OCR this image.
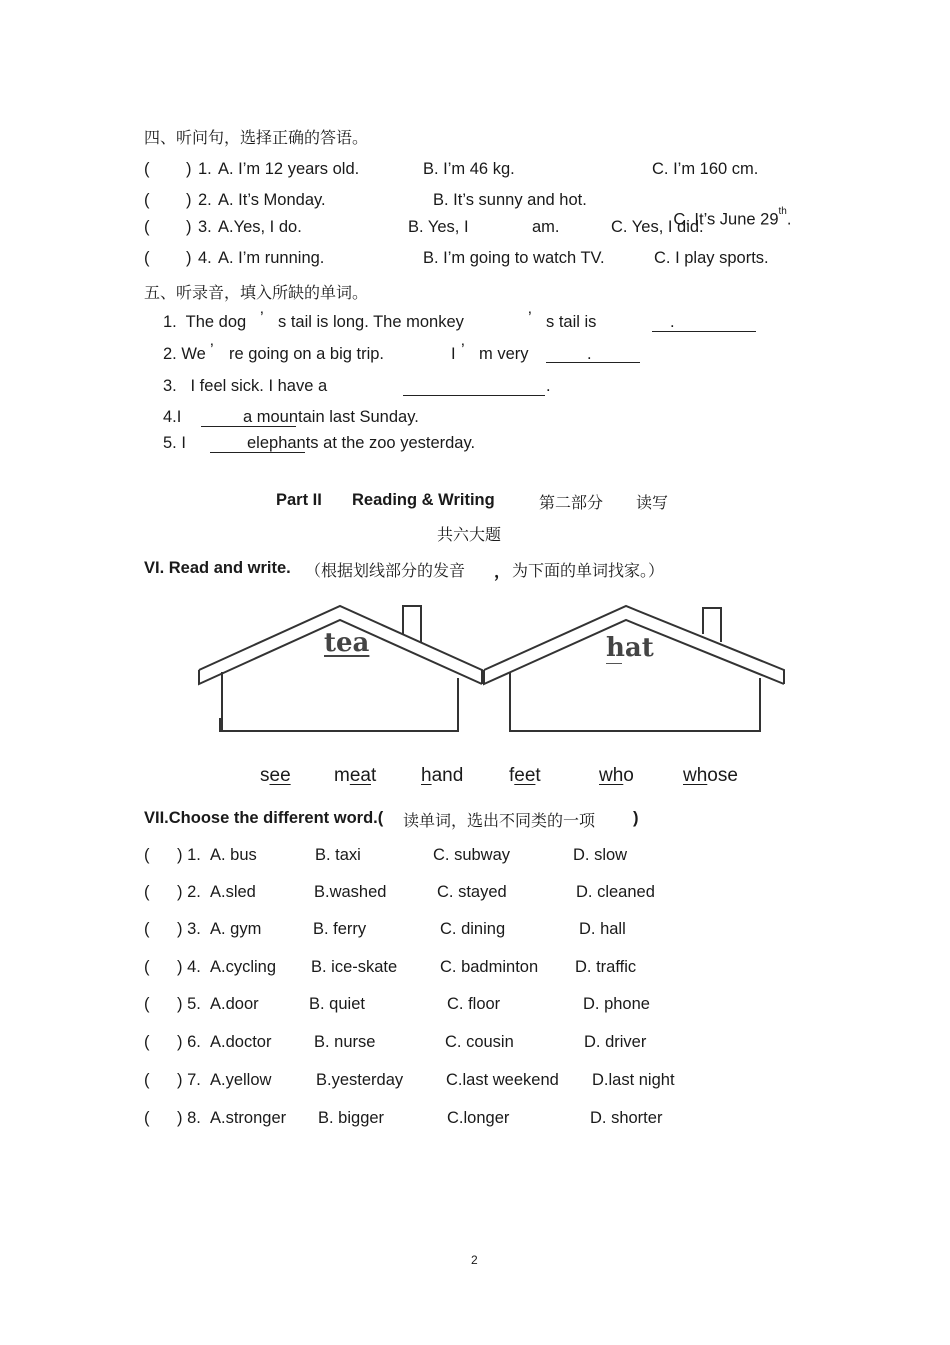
四、听问句，选择正确的答语。
( ) 1. A. I’m 12 years old.	B. I’m 46 kg.	C. I’m 160 cm.
( ) 2. A. It’s Monday.	B. It’s sunny and hot.

C. It’s June 29th.

( ) 3. A.Yes, I do.	B. Yes, I	am.	C. Yes, I did.
( ) 4. A. I’m running.	B. I’m going to watch TV.	C. I play sports.
五、听录音，填入所缺的单词。
1.  The dog ’ s tail is long. The monkey	’ s tail is	.
2. We ’ re going on a big trip.	I ’ m very	.
3.   I feel sick. I have a	.
4.I	a mountain last Sunday.
5. I	elephants at the zoo yesterday.
Part II Reading & Writing	第二部分 读写
共六大题
VI. Read and write. （根据划线部分的发音 ， 为下面的单词找家。）
tea	hat
see meat hand feet	who	whose
VII.Choose the different word.( 读单词，选出不同类的一项 )
( ) 1. A. bus	B. taxi	C. subway	D. slow
( ) 2. A.sled	B.washed	C. stayed	D. cleaned
( ) 3. A. gym	B. ferry	C. dining	D. hall
( ) 4. A.cycling B. ice-skate	C. badminton D. traffic
( ) 5. A.door	B. quiet	C. floor	D. phone
( ) 6. A.doctor	B. nurse	C. cousin	D. driver
( ) 7. A.yellow	B.yesterday	C.last weekend D.last night
( ) 8. A.stronger B. bigger	C.longer	D. shorter
2
